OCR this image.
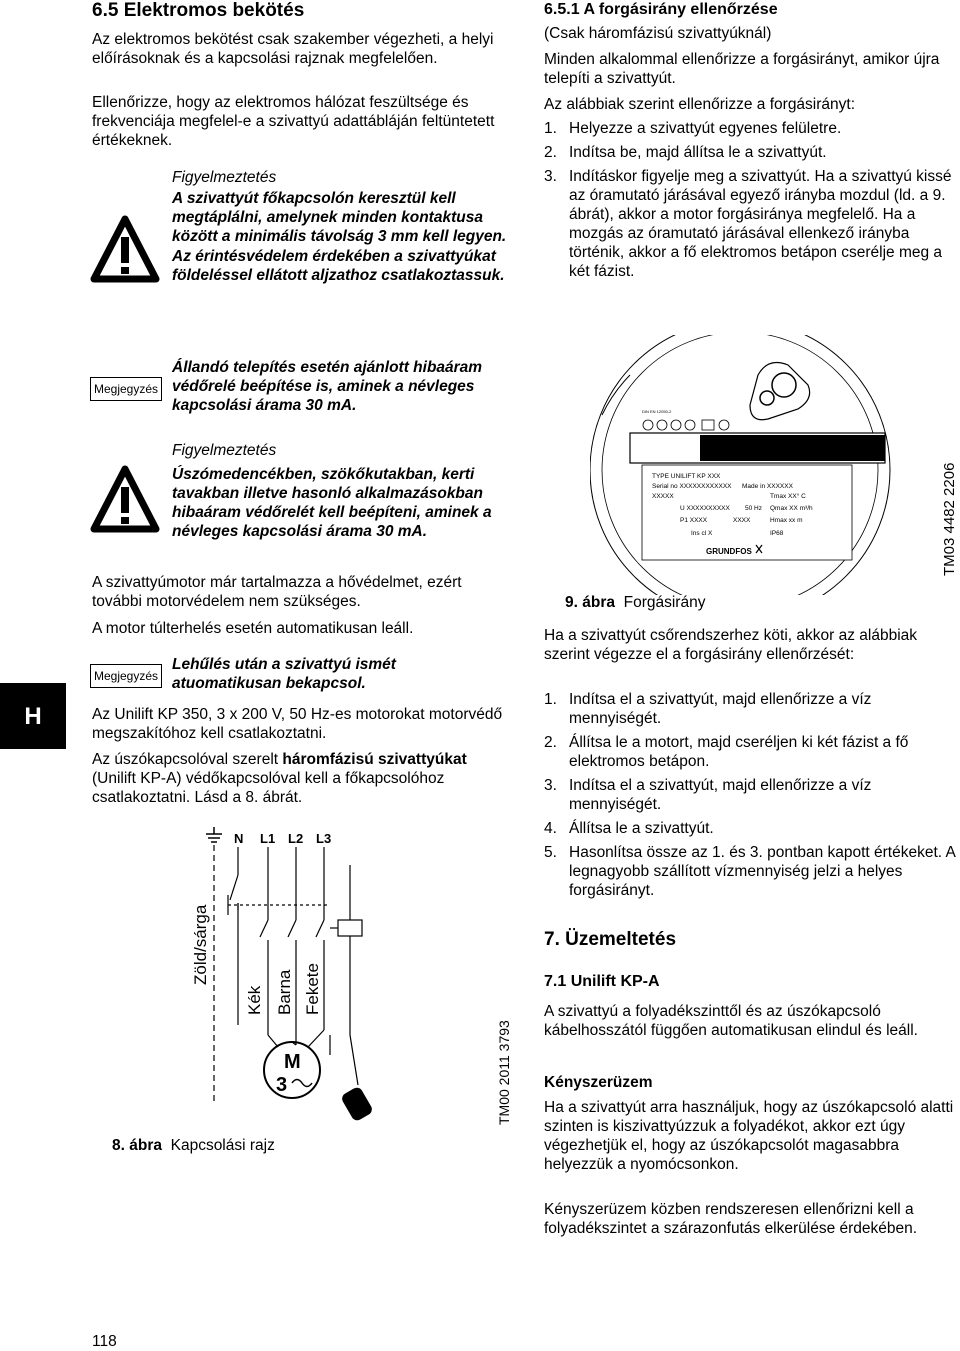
6.5 Elektromos bekötés

Az elektromos bekötést csak szakember végezheti, a helyi előírásoknak és a kapcsolási rajznak megfelelően.

Ellenőrizze, hogy az elektromos hálózat feszültsége és frekvenciája megfelel-e a szivattyú adattábláján feltüntetett értékeknek.

Figyelmeztetés

A szivattyút főkapcsolón keresztül kell megtáplálni, amelynek minden kontaktusa között a minimális távolság 3 mm kell legyen.

Az érintésvédelem érdekében a szivattyúkat földeléssel ellátott aljzathoz csatlakoztassuk.

Megjegyzés

Állandó telepítés esetén ajánlott hibaáram védőrelé beépítése is, aminek a névleges kapcsolási árama 30 mA.

Figyelmeztetés

Úszómedencékben, szökőkutakban, kerti tavakban illetve hasonló alkalmazásokban hibaáram védőrelét kell beépíteni, aminek a névleges kapcsolási árama 30 mA.

A szivattyúmotor már tartalmazza a hővédelmet, ezért további motorvédelem nem szükséges.

A motor túlterhelés esetén automatikusan leáll.

Megjegyzés

Lehűlés után a szivattyú ismét atuomatikusan bekapcsol.

Az Unilift KP 350, 3 x 200 V, 50 Hz-es motorokat motorvédő megszakítóhoz kell csatlakoztatni.

Az úszókapcsolóval szerelt háromfázisú szivattyúkat (Unilift KP-A) védőkapcsolóval kell a főkapcsolóhoz csatlakoztatni. Lásd a 8. ábrát.

N L1 L2 L3
Zöld/sárga
Kék Barna Fekete
M
3	TM00 2011 3793
8. ábra Kapcsolási rajz
H
118
6.5.1 A forgásirány ellenőrzése

(Csak háromfázisú szivattyúknál)

Minden alkalommal ellenőrizze a forgásirányt, amikor újra telepíti a szivattyút.

Az alábbiak szerint ellenőrizze a forgásirányt:

1. Helyezze a szivattyút egyenes felületre.
2. Indítsa be, majd állítsa le a szivattyút.
3. Indításkor figyelje meg a szivattyút. Ha a szivattyú kissé az óramutató járásával egyező irányba mozdul (ld. a 9. ábrát), akkor a motor forgásiránya megfelelő. Ha a mozgás az óramutató járásával ellenkező irányba történik, akkor a fő elektromos betápon cserélje meg a két fázist.
DIN EN 12050-2
TYPE UNILIFT KP XXX
Serial no XXXXXXXXXXXX Made in XXXXXX
XXXXX	Tmax XX° C
U XXXXXXXXXX 50 Hz Qmax XX m³/h
P1 XXXX	XXXX	Hmax xx m
Ins cl X	IP68
GRUNDFOS	TM03 4482 2206
9. ábra Forgásirány

Ha a szivattyút csőrendszerhez köti, akkor az alábbiak szerint végezze el a forgásirány ellenőrzését:

1. Indítsa el a szivattyút, majd ellenőrizze a víz mennyiségét.
2. Állítsa le a motort, majd cseréljen ki két fázist a fő elektromos betápon.
3. Indítsa el a szivattyút, majd ellenőrizze a víz mennyiségét.
4. Állítsa le a szivattyút.
5. Hasonlítsa össze az 1. és 3. pontban kapott értékeket. A legnagyobb szállított vízmennyiség jelzi a helyes forgásirányt.
7. Üzemeltetés
7.1 Unilift KP-A

A szivattyú a folyadékszinttől és az úszókapcsoló kábelhosszától függően automatikusan elindul és leáll.

Kényszerüzem

Ha a szivattyút arra használjuk, hogy az úszókapcsoló alatti szinten is kiszivattyúzzuk a folyadékot, akkor ezt úgy végezhetjük el, hogy az úszókapcsolót magasabbra helyezzük a nyomócsonkon.

Kényszerüzem közben rendszeresen ellenőrizni kell a folyadékszintet a szárazonfutás elkerülése érdekében.
